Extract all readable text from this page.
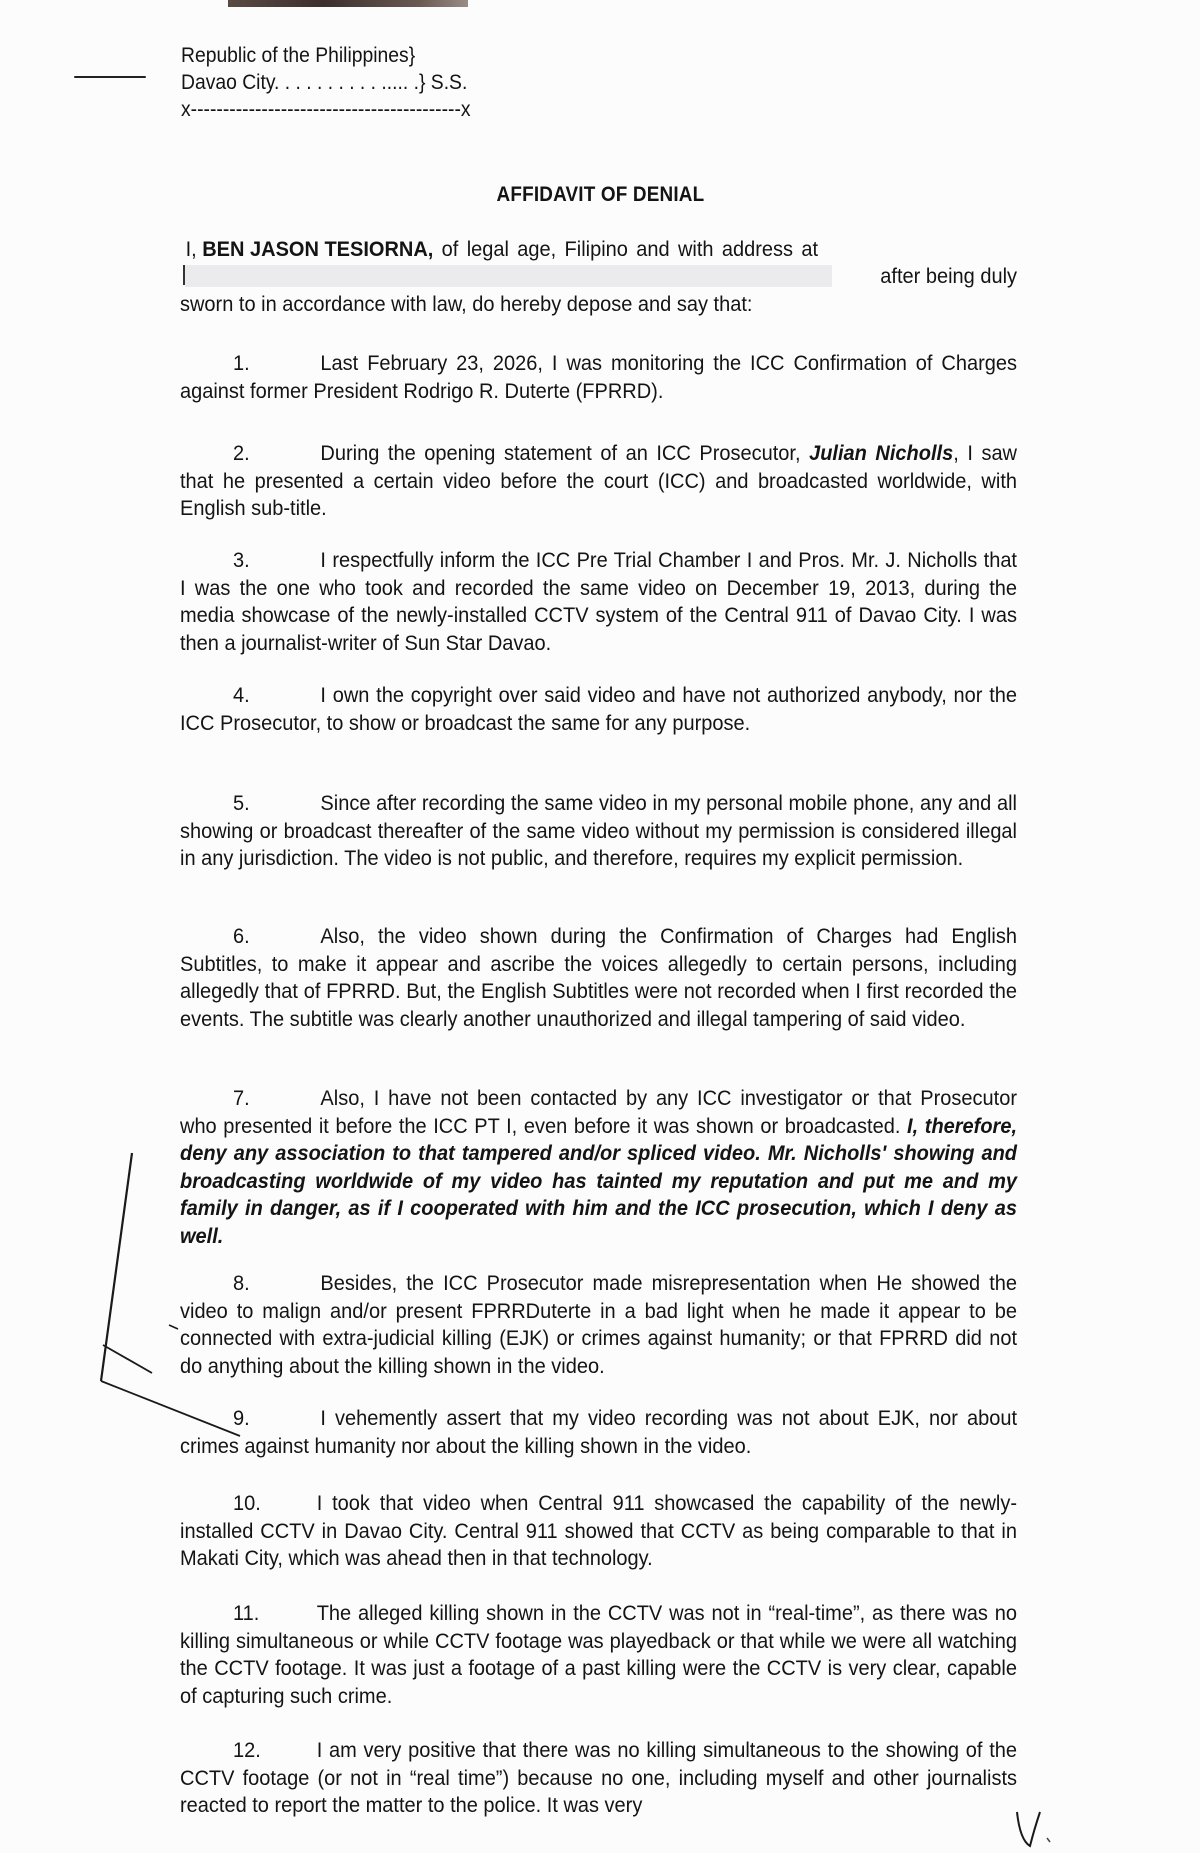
Republic of the Philippines}
Davao City. . . . . . . . . . ..... .} S.S.
x------------------------------------------x
AFFIDAVIT OF DENIAL
I, BEN JASON TESIORNA, of legal age, Filipino and with address at
after being duly
sworn to in accordance with law, do hereby depose and say that:
1.	Last February 23, 2026, I was monitoring the ICC Confirmation of Charges against former President Rodrigo R. Duterte (FPRRD).
2.	During the opening statement of an ICC Prosecutor, Julian Nicholls, I saw that he presented a certain video before the court (ICC) and broadcasted worldwide, with English sub-title.
3.	I respectfully inform the ICC Pre Trial Chamber I and Pros. Mr. J. Nicholls that I was the one who took and recorded the same video on December 19, 2013, during the media showcase of the newly-installed CCTV system of the Central 911 of Davao City. I was then a journalist-writer of Sun Star Davao.
4.	I own the copyright over said video and have not authorized anybody, nor the ICC Prosecutor, to show or broadcast the same for any purpose.
5.	Since after recording the same video in my personal mobile phone, any and all showing or broadcast thereafter of the same video without my permission is considered illegal in any jurisdiction. The video is not public, and therefore, requires my explicit permission.
6.	Also, the video shown during the Confirmation of Charges had English Subtitles, to make it appear and ascribe the voices allegedly to certain persons, including allegedly that of FPRRD. But, the English Subtitles were not recorded when I first recorded the events. The subtitle was clearly another unauthorized and illegal tampering of said video.
7.	Also, I have not been contacted by any ICC investigator or that Prosecutor who presented it before the ICC PT I, even before it was shown or broadcasted. I, therefore, deny any association to that tampered and/or spliced video. Mr. Nicholls' showing and broadcasting worldwide of my video has tainted my reputation and put me and my family in danger, as if I cooperated with him and the ICC prosecution, which I deny as well.
8.	Besides, the ICC Prosecutor made misrepresentation when He showed the video to malign and/or present FPRRDuterte in a bad light when he made it appear to be connected with extra-judicial killing (EJK) or crimes against humanity; or that FPRRD did not do anything about the killing shown in the video.
9.	I vehemently assert that my video recording was not about EJK, nor about crimes against humanity nor about the killing shown in the video.
10.	I took that video when Central 911 showcased the capability of the newly-installed CCTV in Davao City. Central 911 showed that CCTV as being comparable to that in Makati City, which was ahead then in that technology.
11.	The alleged killing shown in the CCTV was not in “real-time”, as there was no killing simultaneous or while CCTV footage was playedback or that while we were all watching the CCTV footage. It was just a footage of a past killing were the CCTV is very clear, capable of capturing such crime.
12.	I am very positive that there was no killing simultaneous to the showing of the CCTV footage (or not in “real time”) because no one, including myself and other journalists reacted to report the matter to the police. It was very
